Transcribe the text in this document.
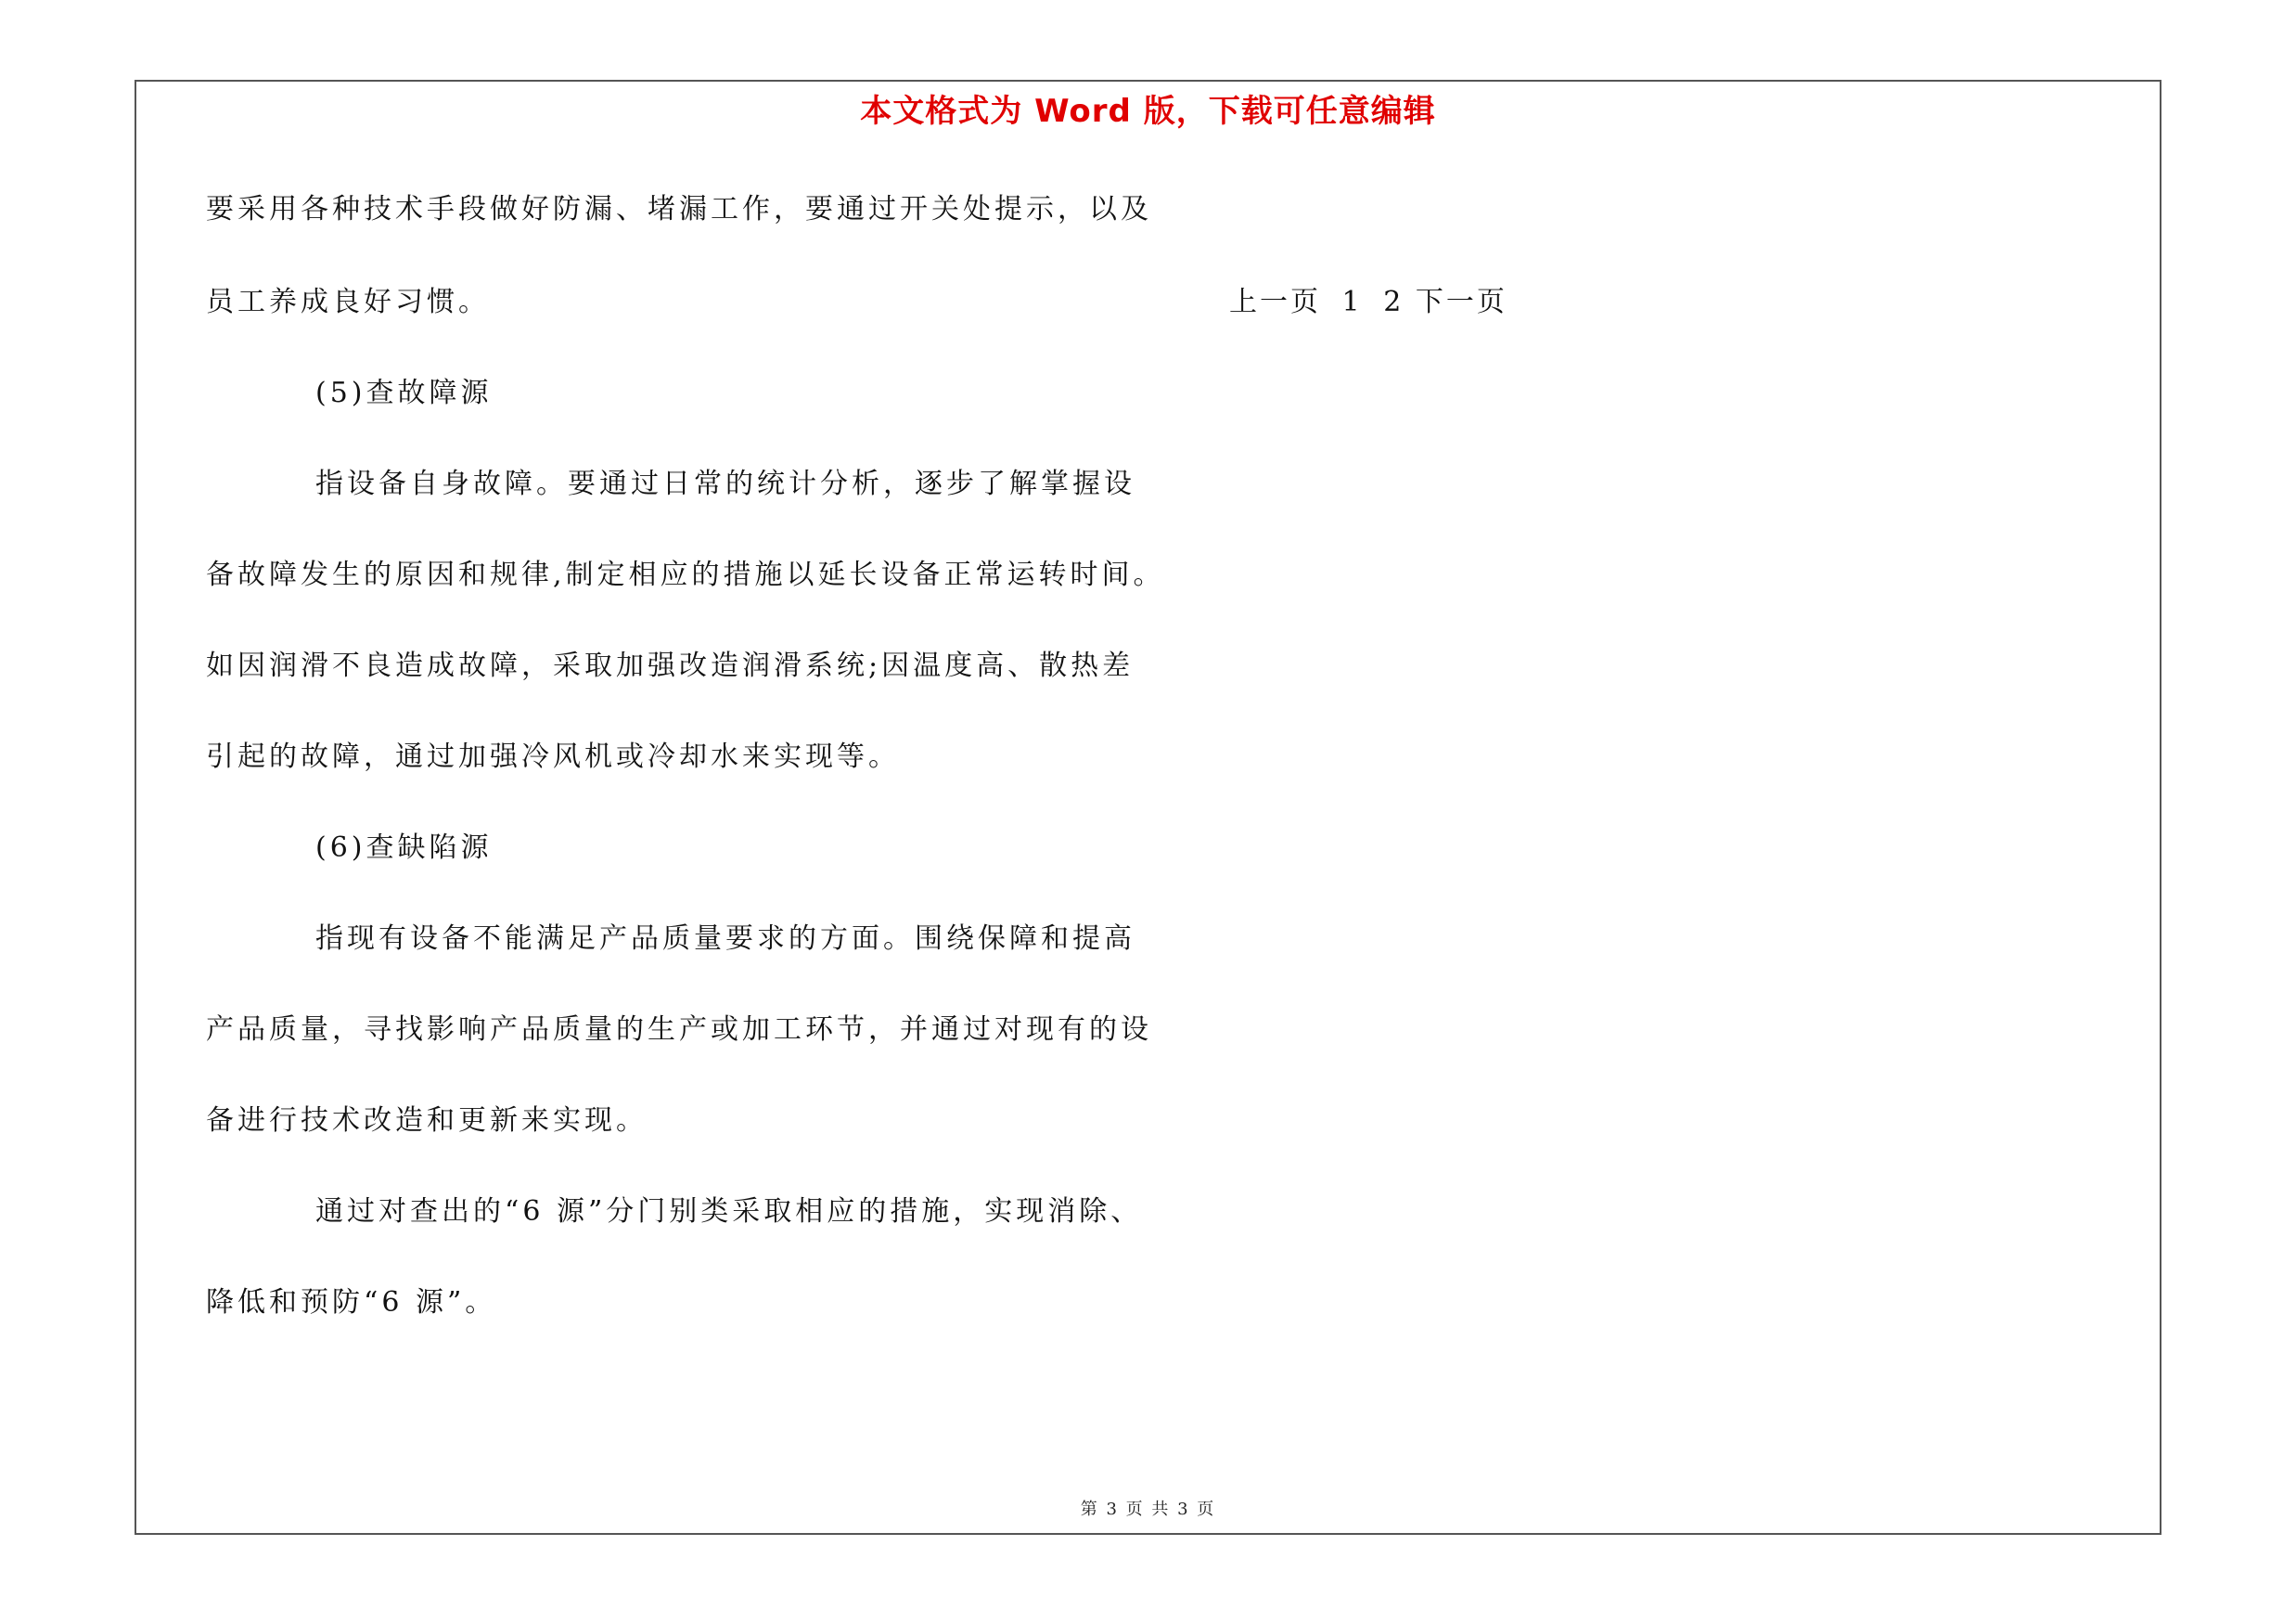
本文格式为 Word 版，下载可任意编辑
要采用各种技术手段做好防漏、堵漏工作，要通过开关处提示，以及
员工养成良好习惯。	上一页 1 2 下一页
(5)查故障源
指设备自身故障。要通过日常的统计分析，逐步了解掌握设
备故障发生的原因和规律,制定相应的措施以延长设备正常运转时间。
如因润滑不良造成故障，采取加强改造润滑系统;因温度高、散热差
引起的故障，通过加强冷风机或冷却水来实现等。
(6)查缺陷源
指现有设备不能满足产品质量要求的方面。围绕保障和提高
产品质量，寻找影响产品质量的生产或加工环节，并通过对现有的设
备进行技术改造和更新来实现。
通过对查出的“6 源”分门别类采取相应的措施，实现消除、
降低和预防“6 源”。
第 3 页 共 3 页
